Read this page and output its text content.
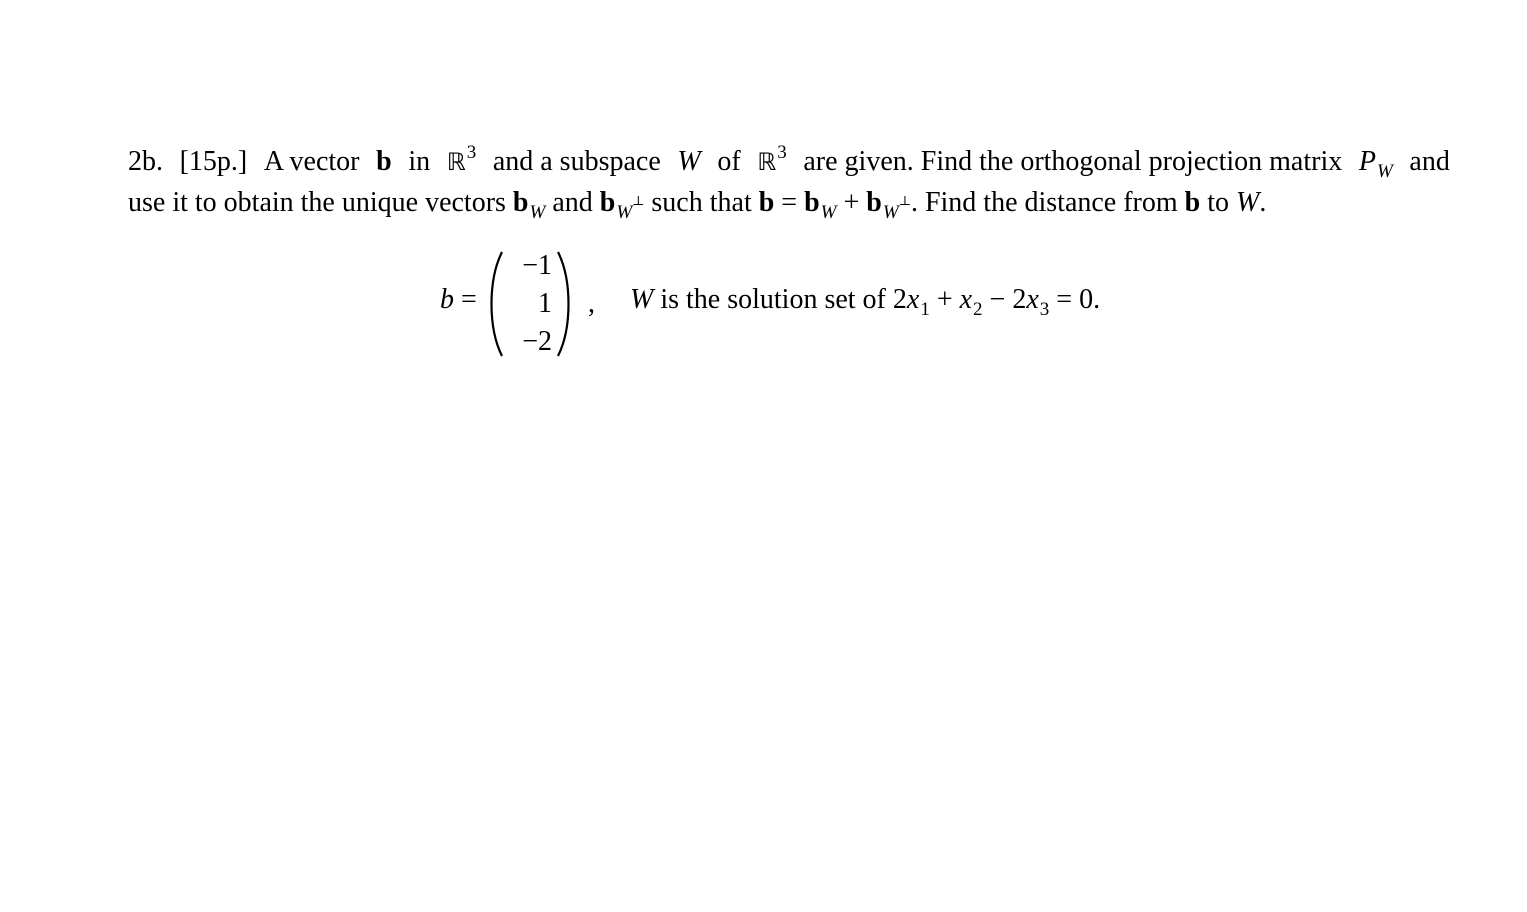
2b. [15p.] A vector b in ℝ$^3$ and a subspace W of ℝ$^3$ are given. Find the orthogonal projection matrix $P_W$ and
use it to obtain the unique vectors $b_W$ and $b_W^\perp$ such that $b = b_W + b_W^\perp$. Find the distance from b to W.
b =
−1
1
−2
, W is the solution set of $2x_1 + x_2 - 2x_3 = 0$.
